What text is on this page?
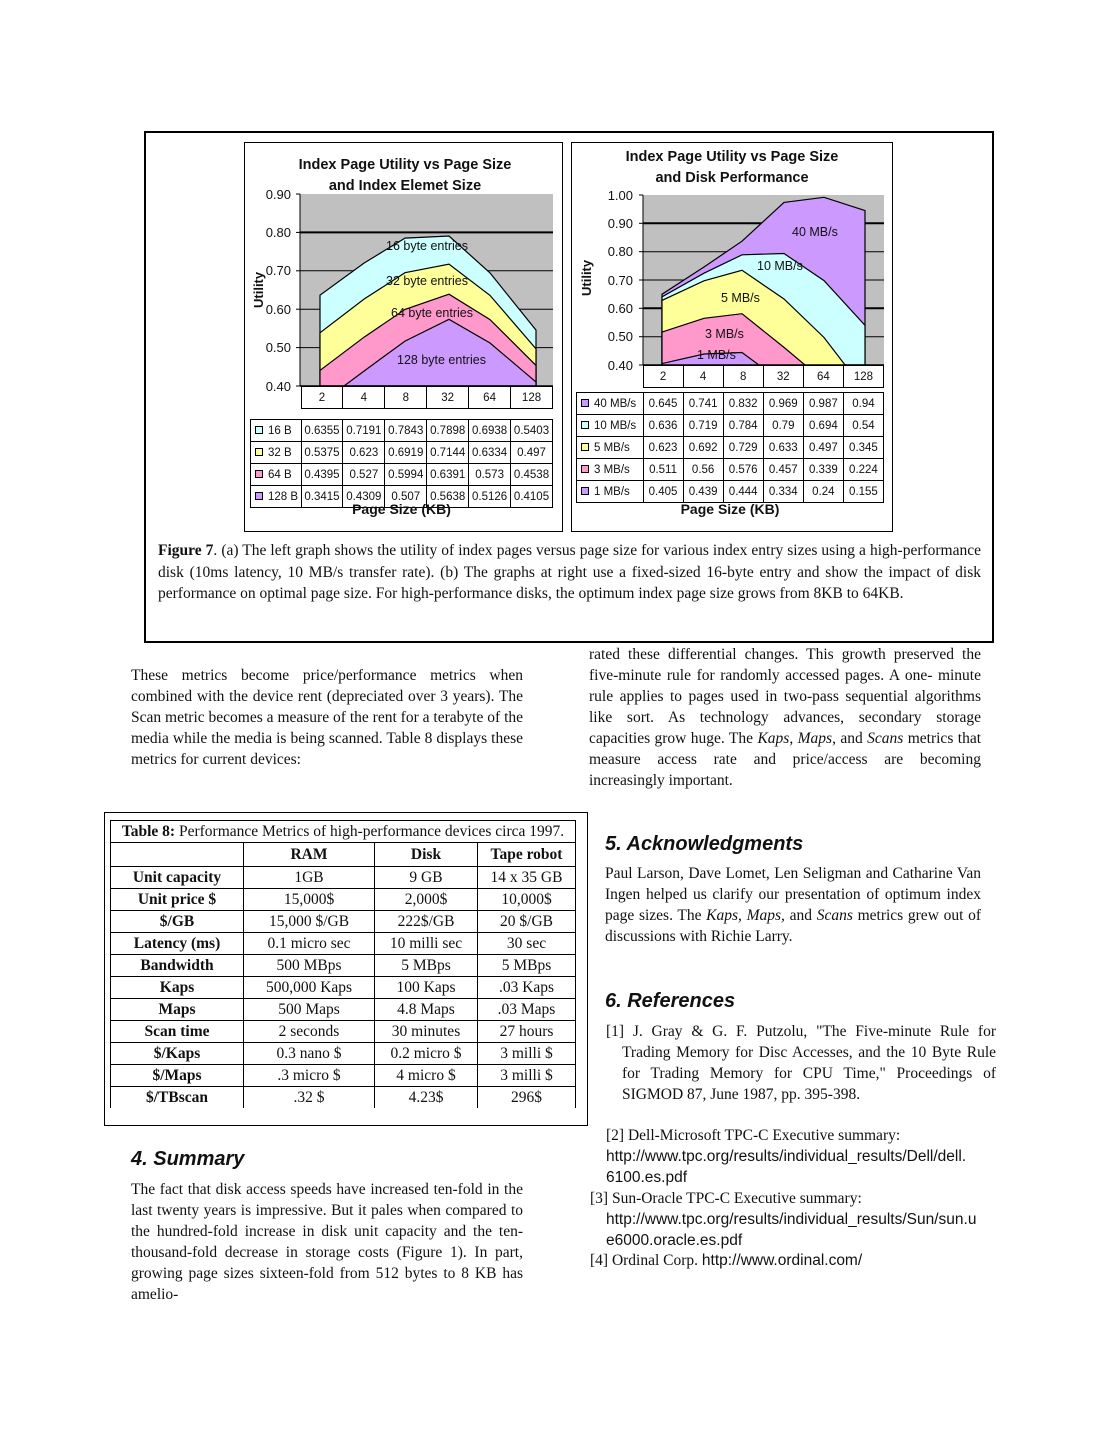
Index Page Utility vs Page Size
and Index Elemet Size
0.90
0.80
0.70
0.60
0.50
0.40
Utility
16 byte entries
32 byte entries
64 byte entries
128 byte entries
	2	4	8	32	64	128

16 B	0.6355	0.7191	0.7843	0.7898	0.6938	0.5403
32 B	0.5375	0.623	0.6919	0.7144	0.6334	0.497
64 B	0.4395	0.527	0.5994	0.6391	0.573	0.4538
128 B	0.3415	0.4309	0.507	0.5638	0.5126	0.4105
Page Size (KB)
Index Page Utility vs Page Size
and Disk Performance
1.00
0.90
0.80
0.70
0.60
0.50
0.40
Utility
40 MB/s
10 MB/s
5 MB/s
3 MB/s
1 MB/s
	2	4	8	32	64	128

40 MB/s	0.645	0.741	0.832	0.969	0.987	0.94
10 MB/s	0.636	0.719	0.784	0.79	0.694	0.54
5 MB/s	0.623	0.692	0.729	0.633	0.497	0.345
3 MB/s	0.511	0.56	0.576	0.457	0.339	0.224
1 MB/s	0.405	0.439	0.444	0.334	0.24	0.155
Page Size (KB)
Figure 7. (a) The left graph shows the utility of index pages versus page size for various index entry sizes using a high-performance disk (10ms latency, 10 MB/s transfer rate). (b) The graphs at right use a fixed-sized 16-byte entry and show the impact of disk performance on optimal page size. For high-performance disks, the optimum index page size grows from 8KB to 64KB.
These metrics become price/performance metrics when combined with the device rent (depreciated over 3 years). The Scan metric becomes a measure of the rent for a terabyte of the media while the media is being scanned. Table 8 displays these metrics for current devices:
Table 8: Performance Metrics of high-performance devices circa 1997.			
	RAM	Disk	Tape robot
Unit capacity	1GB	9 GB	14 x 35 GB
Unit price $	15,000$	2,000$	10,000$
$/GB	15,000 $/GB	222$/GB	20 $/GB
Latency (ms)	0.1 micro sec	10 milli sec	30 sec
Bandwidth	500 MBps	5 MBps	5 MBps
Kaps	500,000 Kaps	100 Kaps	.03 Kaps
Maps	500 Maps	4.8 Maps	.03 Maps
Scan time	2 seconds	30 minutes	27 hours
$/Kaps	0.3 nano $	0.2 micro $	3 milli $
$/Maps	.3 micro $	4 micro $	3 milli $
$/TBscan	.32 $	4.23$	296$
4. Summary
The fact that disk access speeds have increased ten-fold in the last twenty years is impressive. But it pales when compared to the hundred-fold increase in disk unit capacity and the ten-thousand-fold decrease in storage costs (Figure 1). In part, growing page sizes sixteen-fold from 512 bytes to 8 KB has amelio-
rated these differential changes. This growth preserved the five-minute rule for randomly accessed pages. A one- minute rule applies to pages used in two-pass sequential algorithms like sort. As technology advances, secondary storage capacities grow huge. The Kaps, Maps, and Scans metrics that measure access rate and price/access are becoming increasingly important.
5. Acknowledgments
Paul Larson, Dave Lomet, Len Seligman and Catharine Van Ingen helped us clarify our presentation of optimum index page sizes. The Kaps, Maps, and Scans metrics grew out of discussions with Richie Larry.
6. References
[1] J. Gray & G. F. Putzolu, "The Five-minute Rule for Trading Memory for Disc Accesses, and the 10 Byte Rule for Trading Memory for CPU Time," Proceedings of SIGMOD 87, June 1987, pp. 395-398.
[2] Dell-Microsoft TPC-C Executive summary:
http://www.tpc.org/results/individual_results/Dell/dell.6100.es.pdf
[3] Sun-Oracle TPC-C Executive summary:
http://www.tpc.org/results/individual_results/Sun/sun.ue6000.oracle.es.pdf
[4] Ordinal Corp. http://www.ordinal.com/
